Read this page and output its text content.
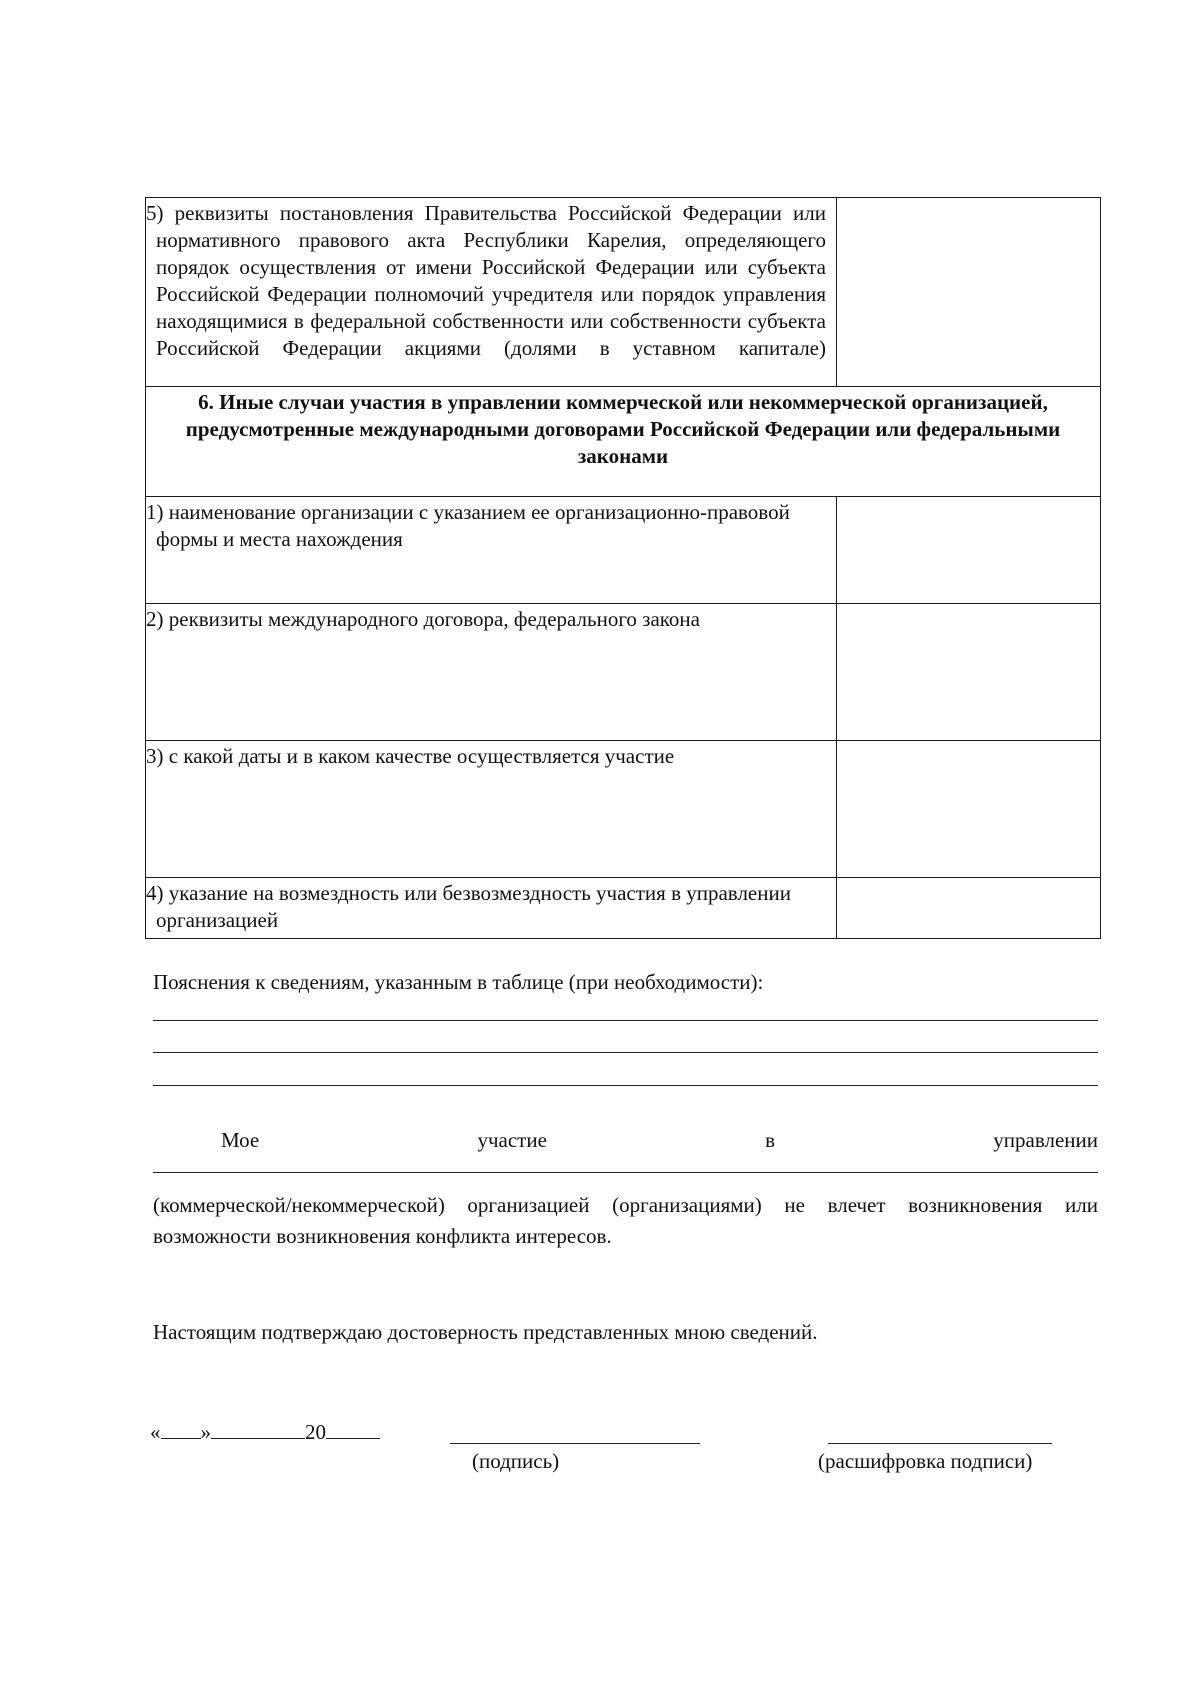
5) реквизиты постановления Правительства Российской Федерации или нормативного правового акта Республики Карелия, определяющего порядок осуществления от имени Российской Федерации или субъекта Российской Федерации полномочий учредителя или порядок управления находящимися в федеральной собственности или собственности субъекта Российской Федерации акциями (долями в уставном капитале)	
6. Иные случаи участия в управлении коммерческой или некоммерческой организацией, предусмотренные международными договорами Российской Федерации или федеральными законами	
1) наименование организации с указанием ее организационно-правовой формы и места нахождения	
2) реквизиты международного договора, федерального закона	
3) с какой даты и в каком качестве осуществляется участие	
4) указание на возмездность или безвозмездность участия в управлении организацией	
Пояснения к сведениям, указанным в таблице (при необходимости):
Мое	участие	в	управлении
(коммерческой/некоммерческой) организацией (организациями) не влечет возникновения или возможности возникновения конфликта интересов.
Настоящим подтверждаю достоверность представленных мною сведений.
« »	20
(подпись)	(расшифровка подписи)
